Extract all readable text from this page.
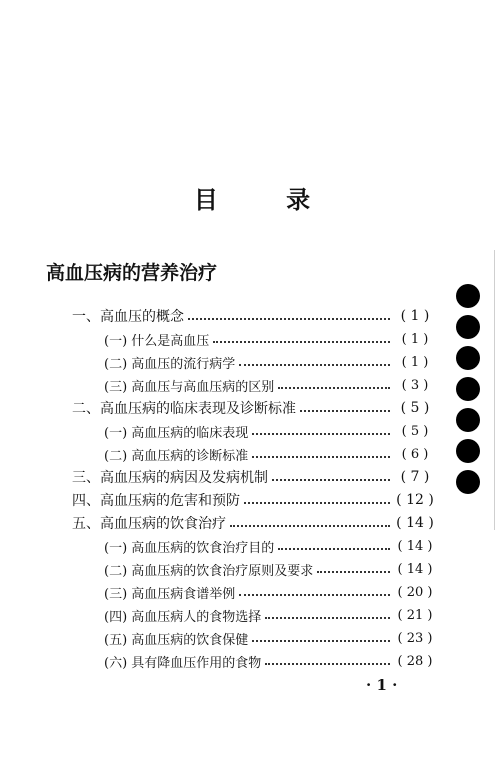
目 录
高血压病的营养治疗
一、高血压的概念	( 1 )
(一) 什么是高血压	( 1 )
(二) 高血压的流行病学	( 1 )
(三) 高血压与高血压病的区别	( 3 )
二、高血压病的临床表现及诊断标准	( 5 )
(一) 高血压病的临床表现	( 5 )
(二) 高血压病的诊断标准	( 6 )
三、高血压病的病因及发病机制	( 7 )
四、高血压病的危害和预防	( 12 )
五、高血压病的饮食治疗	( 14 )
(一) 高血压病的饮食治疗目的	( 14 )
(二) 高血压病的饮食治疗原则及要求	( 14 )
(三) 高血压病食谱举例	( 20 )
(四) 高血压病人的食物选择	( 21 )
(五) 高血压病的饮食保健	( 23 )
(六) 具有降血压作用的食物	( 28 )
· 1 ·
